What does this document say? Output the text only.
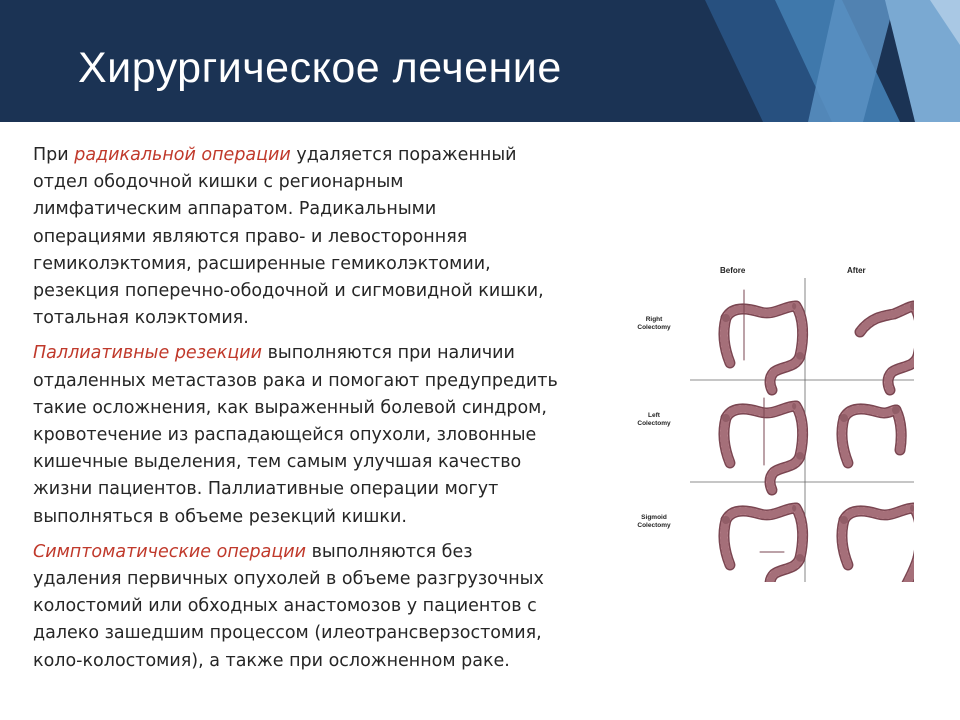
Хирургическое лечение

При радикальной операции удаляется пораженный
отдел ободочной кишки с регионарным
лимфатическим аппаратом. Радикальными
операциями являются право- и левосторонняя
гемиколэктомия, расширенные гемиколэктомии,
резекция поперечно-ободочной и сигмовидной кишки,
тотальная колэктомия.

Паллиативные резекции выполняются при наличии
отдаленных метастазов рака и помогают предупредить
такие осложнения, как выраженный болевой синдром,
кровотечение из распадающейся опухоли, зловонные
кишечные выделения, тем самым улучшая качество
жизни пациентов. Паллиативные операции могут
выполняться в объеме резекций кишки.

Симптоматические операции выполняются без
удаления первичных опухолей в объеме разгрузочных
колостомий или обходных анастомозов у пациентов с
далеко зашедшим процессом (илеотрансверзостомия,
коло-колостомия), а также при осложненном раке.

Before	After
Right
Colectomy
Left
Colectomy
Sigmoid
Colectomy
